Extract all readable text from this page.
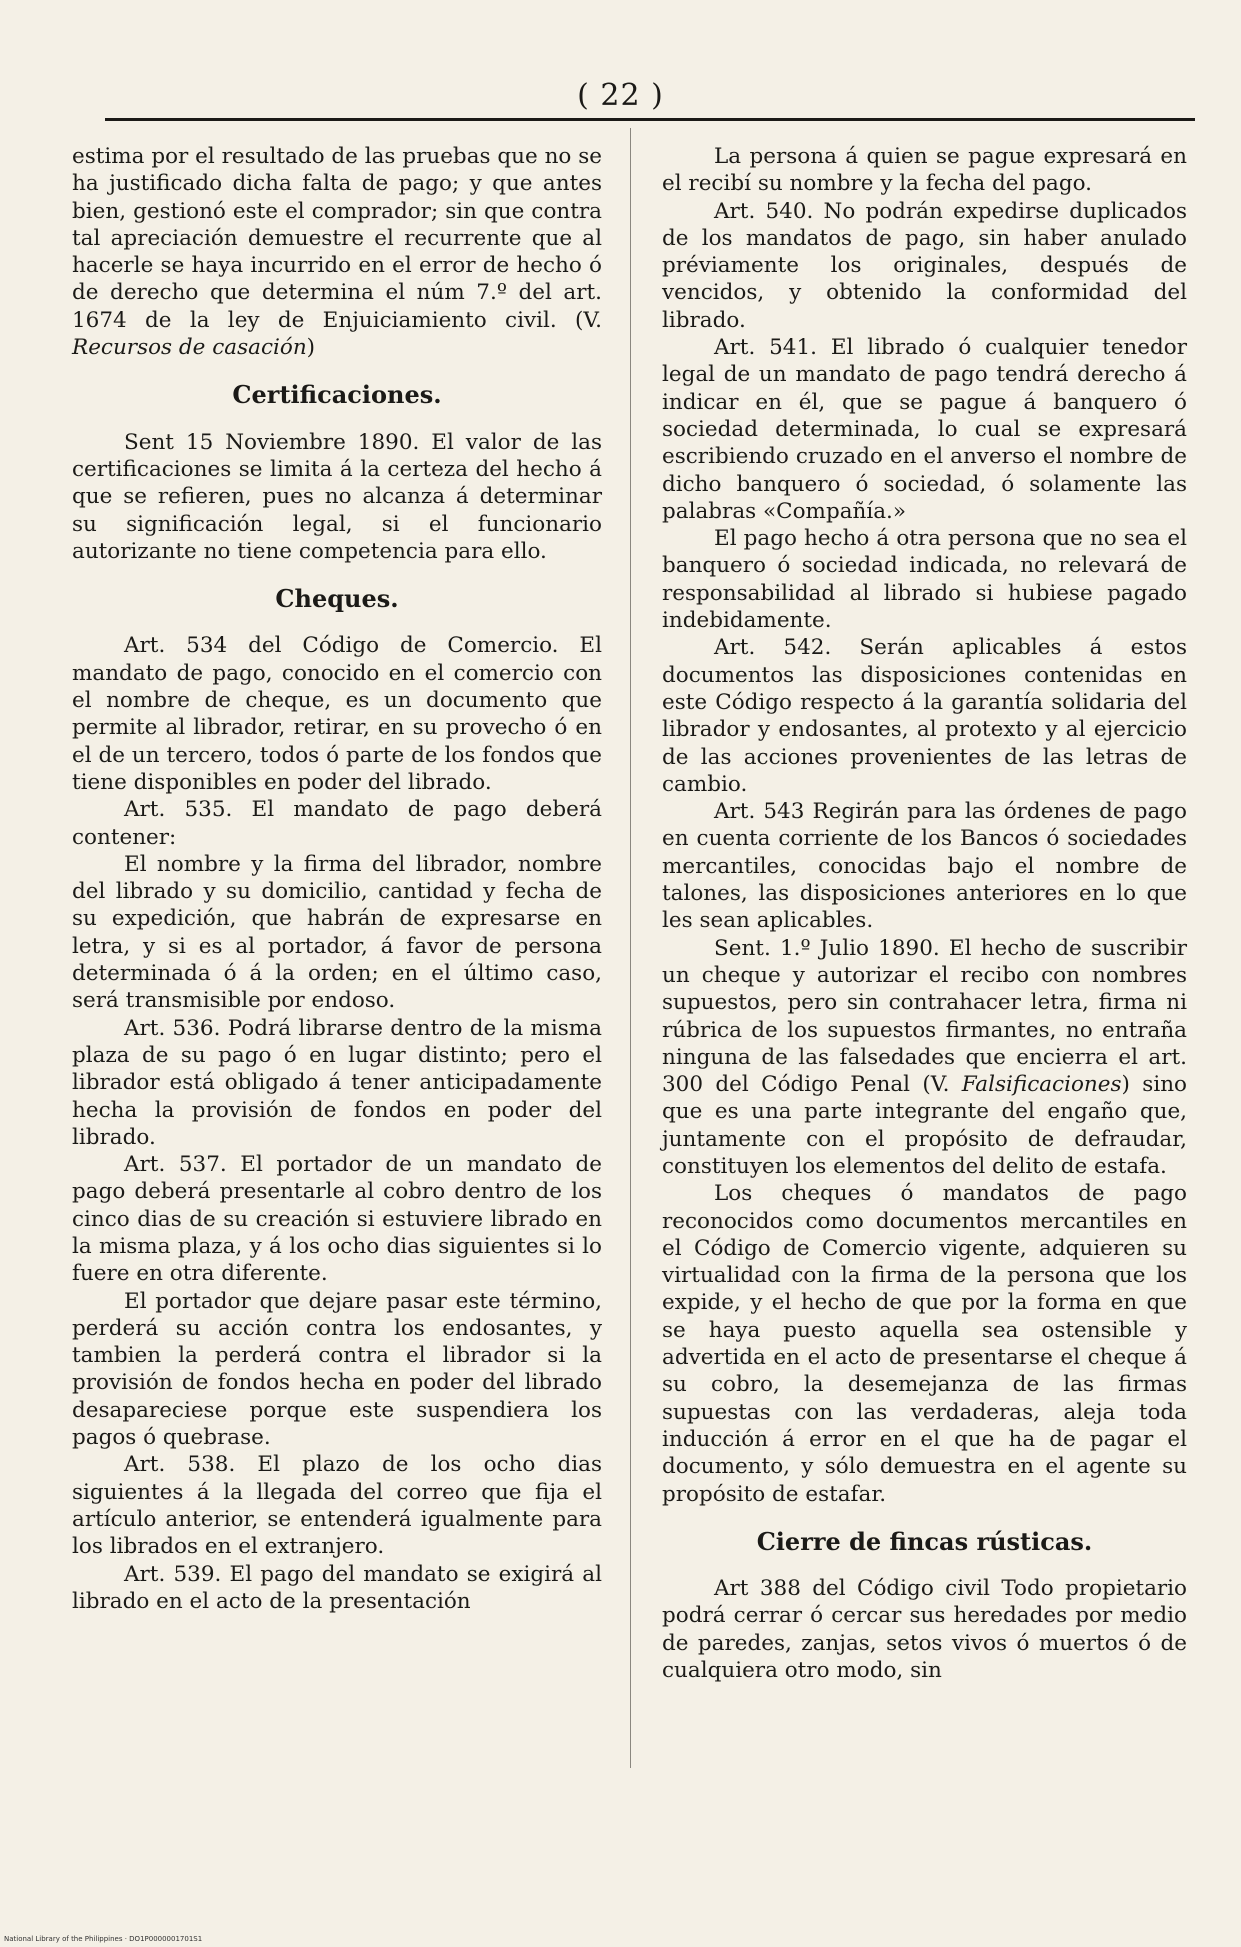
( 22 )

estima por el resultado de las pruebas que no se ha justificado dicha falta de pago; y que antes bien, gestionó este el comprador; sin que contra tal apreciación demuestre el recurrente que al hacerle se haya incurrido en el error de hecho ó de derecho que determina el núm 7.º del art. 1674 de la ley de Enjuiciamiento civil. (V. Recursos de casación)

Certificaciones.

Sent 15 Noviembre 1890. El valor de las certificaciones se limita á la certeza del hecho á que se refieren, pues no alcanza á determinar su significación legal, si el funcionario autorizante no tiene competencia para ello.

Cheques.

Art. 534 del Código de Comercio. El mandato de pago, conocido en el comercio con el nombre de cheque, es un documento que permite al librador, retirar, en su provecho ó en el de un tercero, todos ó parte de los fondos que tiene disponibles en poder del librado.

Art. 535. El mandato de pago deberá contener:

El nombre y la firma del librador, nombre del librado y su domicilio, cantidad y fecha de su expedición, que habrán de expresarse en letra, y si es al portador, á favor de persona determinada ó á la orden; en el último caso, será transmisible por endoso.

Art. 536. Podrá librarse dentro de la misma plaza de su pago ó en lugar distinto; pero el librador está obligado á tener anticipadamente hecha la provisión de fondos en poder del librado.

Art. 537. El portador de un mandato de pago deberá presentarle al cobro dentro de los cinco dias de su creación si estuviere librado en la misma plaza, y á los ocho dias siguientes si lo fuere en otra diferente.

El portador que dejare pasar este término, perderá su acción contra los endosantes, y tambien la perderá contra el librador si la provisión de fondos hecha en poder del librado desapareciese porque este suspendiera los pagos ó quebrase.

Art. 538. El plazo de los ocho dias siguientes á la llegada del correo que fija el artículo anterior, se entenderá igualmente para los librados en el extranjero.

Art. 539. El pago del mandato se exigirá al librado en el acto de la presentación

La persona á quien se pague expresará en el recibí su nombre y la fecha del pago.

Art. 540. No podrán expedirse duplicados de los mandatos de pago, sin haber anulado préviamente los originales, después de vencidos, y obtenido la conformidad del librado.

Art. 541. El librado ó cualquier tenedor legal de un mandato de pago tendrá derecho á indicar en él, que se pague á banquero ó sociedad determinada, lo cual se expresará escribiendo cruzado en el anverso el nombre de dicho banquero ó sociedad, ó solamente las palabras «Compañía.»

El pago hecho á otra persona que no sea el banquero ó sociedad indicada, no relevará de responsabilidad al librado si hubiese pagado indebidamente.

Art. 542. Serán aplicables á estos documentos las disposiciones contenidas en este Código respecto á la garantía solidaria del librador y endosantes, al protexto y al ejercicio de las acciones provenientes de las letras de cambio.

Art. 543 Regirán para las órdenes de pago en cuenta corriente de los Bancos ó sociedades mercantiles, conocidas bajo el nombre de talones, las disposiciones anteriores en lo que les sean aplicables.

Sent. 1.º Julio 1890. El hecho de suscribir un cheque y autorizar el recibo con nombres supuestos, pero sin contrahacer letra, firma ni rúbrica de los supuestos firmantes, no entraña ninguna de las falsedades que encierra el art. 300 del Código Penal (V. Falsificaciones) sino que es una parte integrante del engaño que, juntamente con el propósito de defraudar, constituyen los elementos del delito de estafa.

Los cheques ó mandatos de pago reconocidos como documentos mercantiles en el Código de Comercio vigente, adquieren su virtualidad con la firma de la persona que los expide, y el hecho de que por la forma en que se haya puesto aquella sea ostensible y advertida en el acto de presentarse el cheque á su cobro, la desemejanza de las firmas supuestas con las verdaderas, aleja toda inducción á error en el que ha de pagar el documento, y sólo demuestra en el agente su propósito de estafar.

Cierre de fincas rústicas.

Art 388 del Código civil Todo propietario podrá cerrar ó cercar sus heredades por medio de paredes, zanjas, setos vivos ó muertos ó de cualquiera otro modo, sin

National Library of the Philippines · DO1P0000001701S1
